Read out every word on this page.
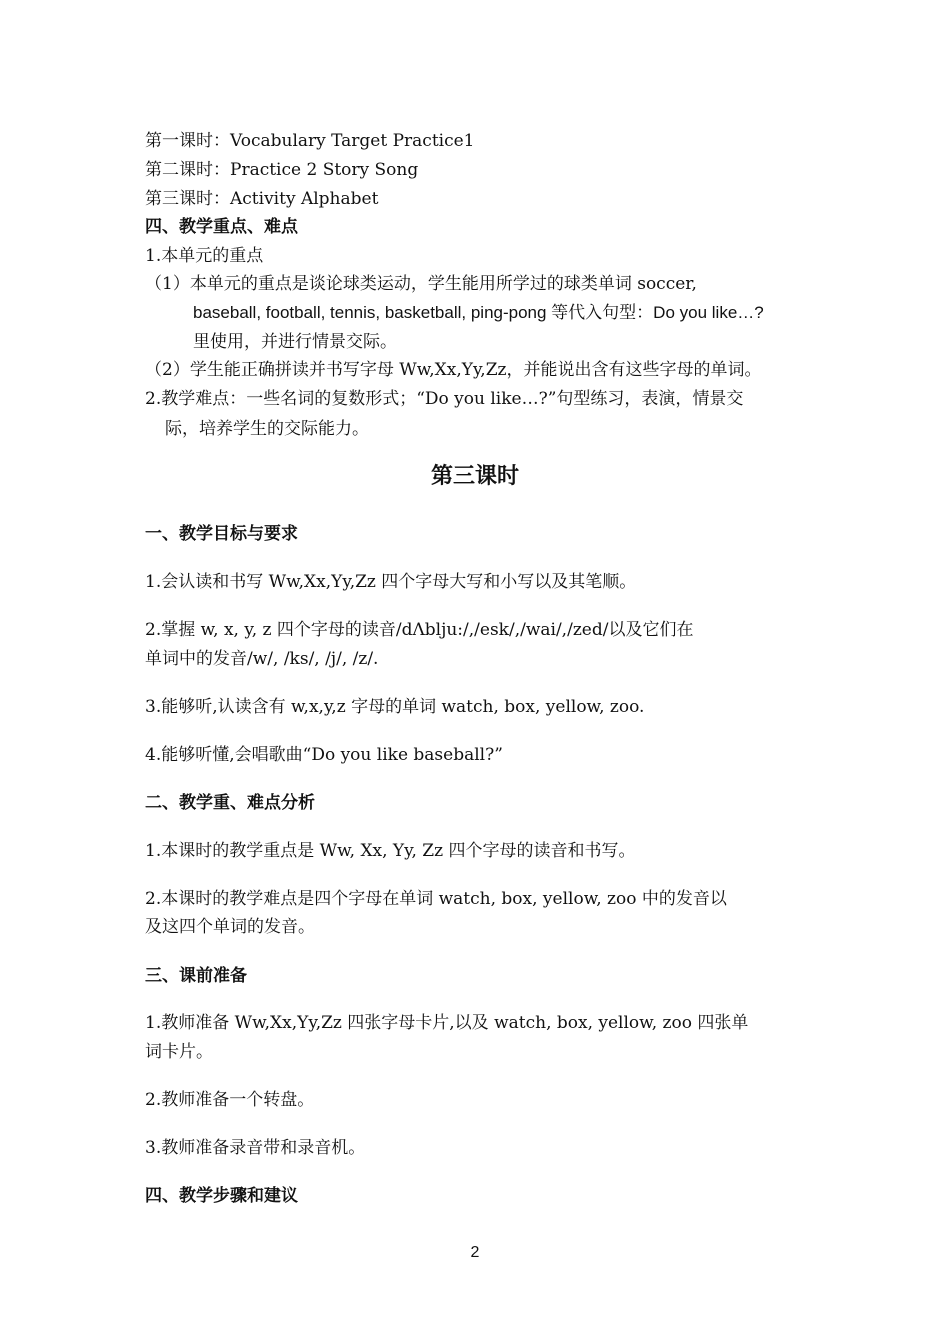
第一课时：Vocabulary Target Practice1
第二课时：Practice 2 Story Song
第三课时：Activity Alphabet
四、教学重点、难点
1.本单元的重点
（1）本单元的重点是谈论球类运动，学生能用所学过的球类单词 soccer,
baseball, football, tennis, basketball, ping-pong 等代入句型：Do you like…?
里使用，并进行情景交际。
（2）学生能正确拼读并书写字母 Ww,Xx,Yy,Zz，并能说出含有这些字母的单词。
2.教学难点：一些名词的复数形式；“Do you like…?”句型练习，表演，情景交
际，培养学生的交际能力。
第三课时
一、教学目标与要求
1.会认读和书写 Ww,Xx,Yy,Zz 四个字母大写和小写以及其笔顺。
2.掌握 w, x, y, z 四个字母的读音/dΛblju:/,/esk/,/wai/,/zed/以及它们在
单词中的发音/w/, /ks/, /j/, /z/.
3.能够听,认读含有 w,x,y,z 字母的单词 watch, box, yellow, zoo.
4.能够听懂,会唱歌曲“Do you like baseball?”
二、教学重、难点分析
1.本课时的教学重点是 Ww, Xx, Yy, Zz 四个字母的读音和书写。
2.本课时的教学难点是四个字母在单词 watch, box, yellow, zoo 中的发音以
及这四个单词的发音。
三、课前准备
1.教师准备 Ww,Xx,Yy,Zz 四张字母卡片,以及 watch, box, yellow, zoo 四张单
词卡片。
2.教师准备一个转盘。
3.教师准备录音带和录音机。
四、教学步骤和建议
2
